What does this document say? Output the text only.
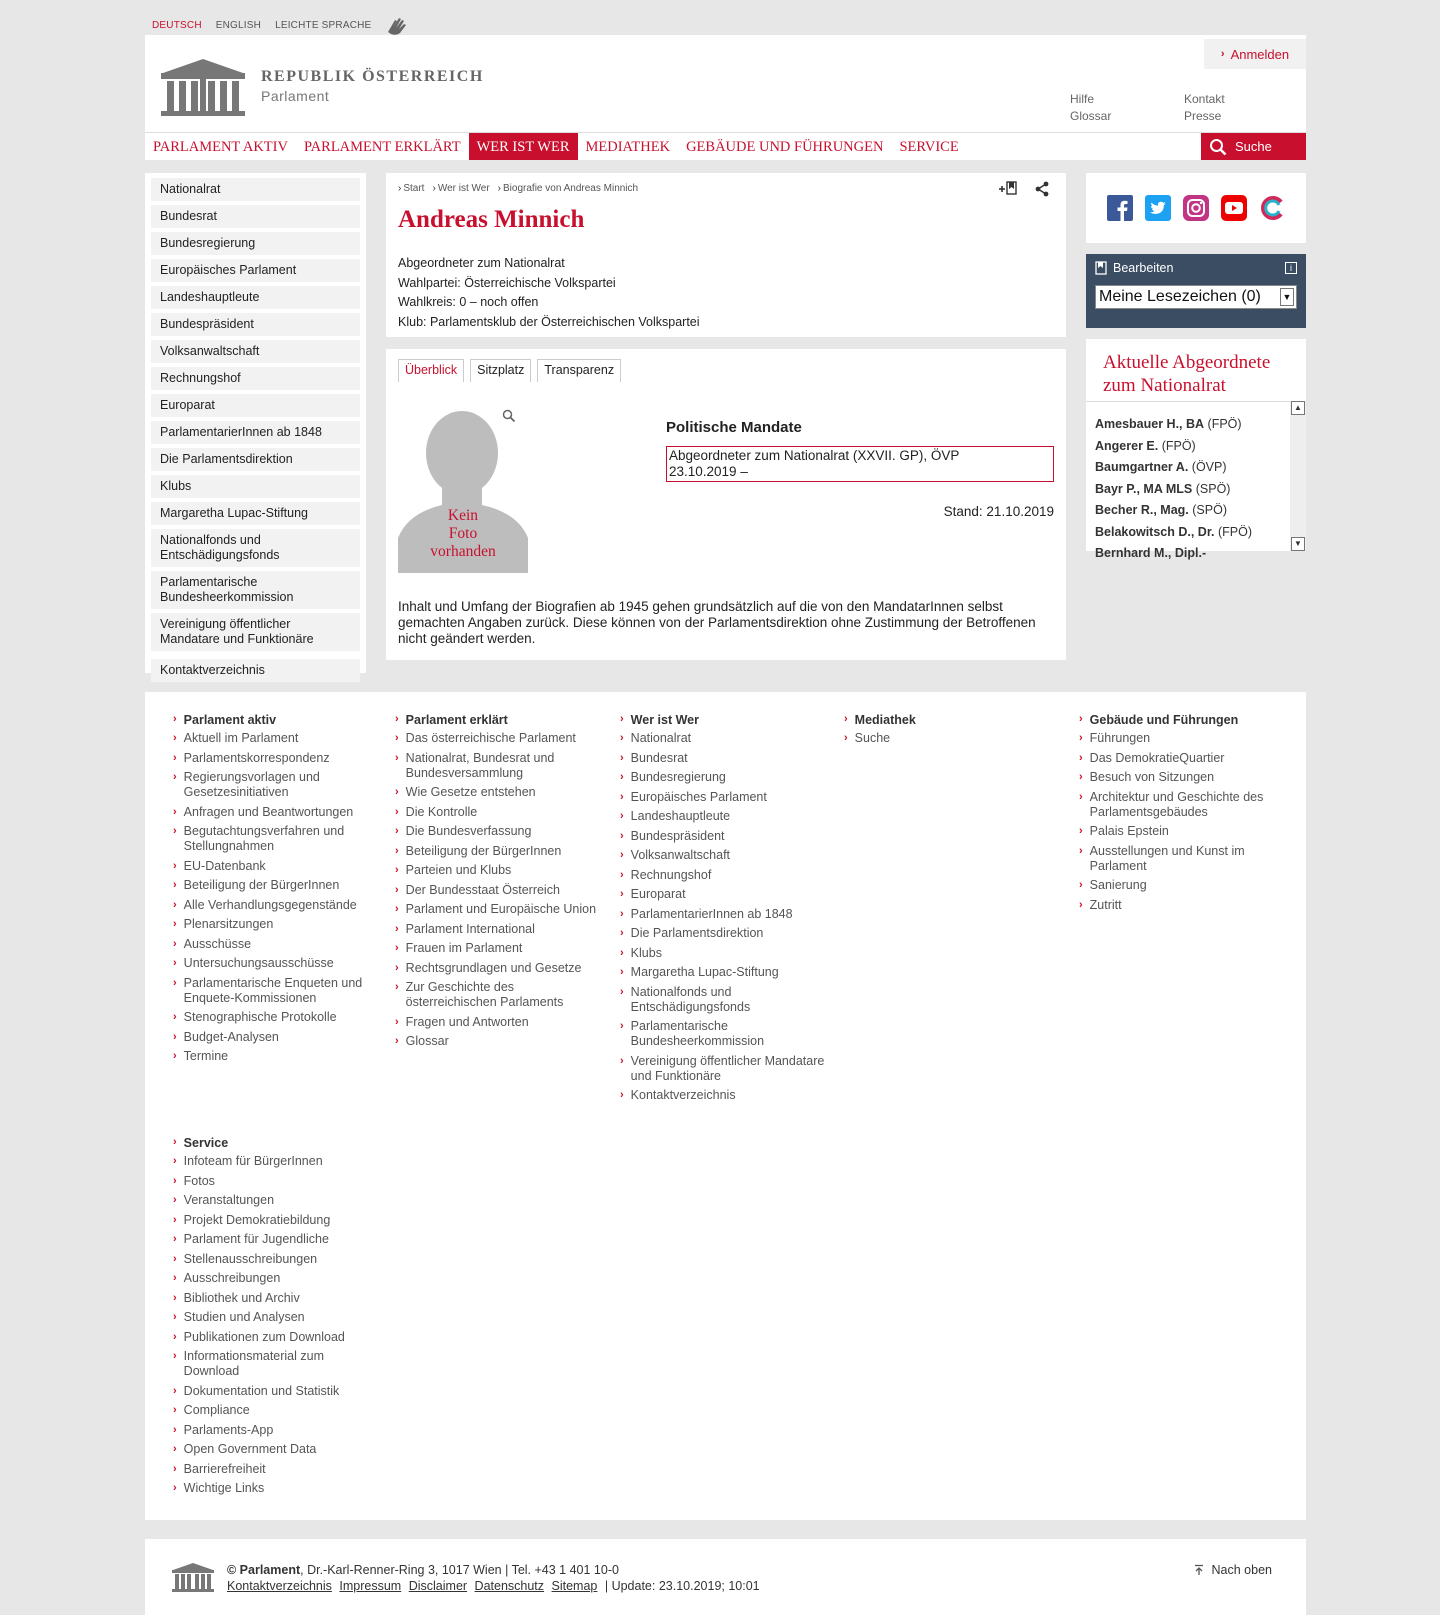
DEUTSCH ENGLISH LEICHTE SPRACHE
REPUBLIK ÖSTERREICH
Parlament
› Anmelden
Hilfe	Kontakt
Glossar	Presse
PARLAMENT AKTIV	PARLAMENT ERKLÄRT	WER IST WER	MEDIATHEK	GEBÄUDE UND FÜHRUNGEN	SERVICE	Suche
Nationalrat
Bundesrat
Bundesregierung
Europäisches Parlament
Landeshauptleute
Bundespräsident
Volksanwaltschaft
Rechnungshof
Europarat
ParlamentarierInnen ab 1848
Die Parlamentsdirektion
Klubs
Margaretha Lupac-Stiftung
Nationalfonds und Entschädigungsfonds
Parlamentarische Bundesheerkommission
Vereinigung öffentlicher Mandatare und Funktionäre
Kontaktverzeichnis
› Start › Wer ist Wer › Biografie von Andreas Minnich
Andreas Minnich
Abgeordneter zum Nationalrat
Wahlpartei: Österreichische Volkspartei
Wahlkreis: 0 – noch offen
Klub: Parlamentsklub der Österreichischen Volkspartei
Überblick	Sitzplatz	Transparenz
Kein
Foto
vorhanden
Politische Mandate
Abgeordneter zum Nationalrat (XXVII. GP), ÖVP
23.10.2019 –
Stand: 21.10.2019
Inhalt und Umfang der Biografien ab 1945 gehen grundsätzlich auf die von den MandatarInnen selbst gemachten Angaben zurück. Diese können von der Parlamentsdirektion ohne Zustimmung der Betroffenen nicht geändert werden.
Bearbeiten	i
Meine Lesezeichen (0) ▼
Aktuelle Abgeordnete zum Nationalrat
Amesbauer H., BA (FPÖ)
Angerer E. (FPÖ)
Baumgartner A. (ÖVP)
Bayr P., MA MLS (SPÖ)
Becher R., Mag. (SPÖ)
Belakowitsch D., Dr. (FPÖ)
Bernhard M., Dipl.-
▲
▼
› Parlament aktiv
› Aktuell im Parlament
› Parlamentskorrespondenz
› Regierungsvorlagen und Gesetzesinitiativen
› Anfragen und Beantwortungen
› Begutachtungsverfahren und Stellungnahmen
› EU-Datenbank
› Beteiligung der BürgerInnen
› Alle Verhandlungsgegenstände
› Plenarsitzungen
› Ausschüsse
› Untersuchungsausschüsse
› Parlamentarische Enqueten und Enquete-Kommissionen
› Stenographische Protokolle
› Budget-Analysen
› Termine
› Parlament erklärt
› Das österreichische Parlament
› Nationalrat, Bundesrat und Bundesversammlung
› Wie Gesetze entstehen
› Die Kontrolle
› Die Bundesverfassung
› Beteiligung der BürgerInnen
› Parteien und Klubs
› Der Bundesstaat Österreich
› Parlament und Europäische Union
› Parlament International
› Frauen im Parlament
› Rechtsgrundlagen und Gesetze
› Zur Geschichte des österreichischen Parlaments
› Fragen und Antworten
› Glossar
› Wer ist Wer
› Nationalrat
› Bundesrat
› Bundesregierung
› Europäisches Parlament
› Landeshauptleute
› Bundespräsident
› Volksanwaltschaft
› Rechnungshof
› Europarat
› ParlamentarierInnen ab 1848
› Die Parlamentsdirektion
› Klubs
› Margaretha Lupac-Stiftung
› Nationalfonds und Entschädigungsfonds
› Parlamentarische Bundesheerkommission
› Vereinigung öffentlicher Mandatare und Funktionäre
› Kontaktverzeichnis
› Mediathek
› Suche
› Gebäude und Führungen
› Führungen
› Das DemokratieQuartier
› Besuch von Sitzungen
› Architektur und Geschichte des Parlamentsgebäudes
› Palais Epstein
› Ausstellungen und Kunst im Parlament
› Sanierung
› Zutritt
› Service
› Infoteam für BürgerInnen
› Fotos
› Veranstaltungen
› Projekt Demokratiebildung
› Parlament für Jugendliche
› Stellenausschreibungen
› Ausschreibungen
› Bibliothek und Archiv
› Studien und Analysen
› Publikationen zum Download
› Informationsmaterial zum Download
› Dokumentation und Statistik
› Compliance
› Parlaments-App
› Open Government Data
› Barrierefreiheit
› Wichtige Links
© Parlament, Dr.-Karl-Renner-Ring 3, 1017 Wien | Tel. +43 1 401 10-0
Kontaktverzeichnis Impressum Disclaimer Datenschutz Sitemap | Update: 23.10.2019; 10:01
Nach oben
